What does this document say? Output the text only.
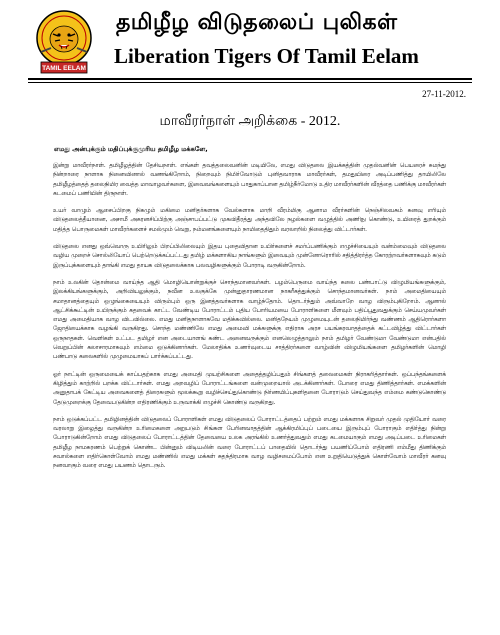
TAMIL EELAM
தமிழீழ விடுதலைப் புலிகள்
Liberation Tigers Of Tamil Eelam
27-11-2012.
மாவீரர்நாள் அறிக்கை - 2012.
எமது அன்புக்கும் மதிப்புக்குமுரிய தமிழீழ மக்களே,

இன்று மாவீரர்நாள். தமிழீழத்தின் தேசியநாள். எங்கள் தவத்தலைவனின் மடியிலே, எமது விடுதலை இயக்கத்தின் முதல்வனின் பெயரைச் சுமந்து நின்றாரை நாளாக நினைவினால் வணங்கிறோம், நிறைவும் நிமிர்வோடும் புனிதவாராக மாவீரர்கள், தமதுயிரை அடிப்பணித்து தாயிலிலே தமிழீழத்தைத் தலைநிமிர வைத்த மாவாழவர்களை, இவைவங்களையும் பாதுகாப்பான தமிழ்நீர்மோடு உதிர மாவீரர்களின் வீரத்தை பணிக்கு மாவீரர்கள் கடமைப் பணியின் திருநாள்.

உயர் வாழும் ஆசைப்பிறகு நிகழும் மகிமை மனிதர்களாக வேல்களாக மாறி வீரம்மிகு ஆனாம வீரர்களின் நெஞ்சிலவசும் கனவு எரியும் விடுதலைத்தீயானை, அசாமீ அகரனசிப்பிற்கு அஞ்சாபப்பட்டு முகவிதீரத்து அந்தவிலே நழல்களை வழுத்தில் அணிநு கொண்டு, உயிரைத் துறக்கும் மதித்த பொருமைகள் மாவீரர்களைச் சமல்மும் வெறு, நம்மனங்களையும் நாமிதைதிதும் வரலாறில் நிலைத்து விட்டார்கள்.

விடுதலை எனது ஒவ்வொரு உயிரிலும் பிறப்பிலிலையும் இதய புதைவிதான உயிர்களைச் சமர்ப்பணிக்கும் எழுச்சியையும் வன்ம்மைவும் விடுதலை வழிய முறைச் சொல்லியோப் பெற்றெடுக்கப்பட்டது தமிழ் மக்களாகிய நாங்களும் இவையும் முன்னோரொரில் சதித்திரர்த்த கோரற்றவர்களாகவும் கடும் இருப்புக்களையும் தாங்கி எமது தாயக விடுதலைக்காக பலவழிகளுக்கும் போராடி வருகின்றோம்.

நாம் உலகின் தொன்மை வாய்ந்த ஆதி மொழியொன்றுக்குச் சொந்தமானவர்கள். பழம்பெருமை வாய்ந்த கலை பண்பாட்டு விழுமியங்களுக்கும், இலக்கியங்களுக்கும், அறிவியலுக்கும், நவீன உலகுக்கே முன்னுதாரணமான நாகரீகத்துக்கும் சொந்தமானவர்கள். நாம் அமைதியையும் சமாதானத்தையும் ஒழுங்கையையும் விரும்பும் ஒரு இனத்தவர்களாக வாழ்ந்தோம். தொடர்ந்தும் அவ்வாறே வாழ விரும்புகிறோம். ஆனால் ஆட்சிக்கூட்டின் உயிருக்கும் கதவைக் காட்ட வேண்டிய போராட்டம் புதிய போரியமயை போராளிகளை மீளவும் பதிப்பூதுவதுக்கும் செய்யமுவர்கள் எமது அமைதியாக வாழ விடவில்லை. எமது மனிதநாளாகவே மதிக்கவில்லை. மனிதநேயம் முழுமையுடன் தலைநிமிர்ந்து வண்ணம் ஆதிரொர்களா ஜோதியைக்காக வழங்கி வருகிறது. சொந்த மண்ணிலே எமது அமைவி மக்களுக்கு எதிராக அரச பயங்கரவாதத்தைக் கட்டவிழ்த்து விட்டார்கள் ஒருநாதகள். வெளிகள் உட்பட தமிழர் என அடையாளங் கண்ட அனைவருக்கும் எனலெழுத்தாலும் நாம் தமிழர் வேண்டுமா வேண்டுமா என்பதில் வெறுப்பின் கலாசாரமாகவும் எம்மை ஒடுக்கினார்கள். மேலாதிக்க உணர்வுடைய சாத்திரர்களை வாழ்வின் விழுமியங்களை தமிழர்களின் மொழி பண்பாடு கலைகளில் முழுமையாகப் பார்க்கப்பட்டது.

ஓர் நாட்டின் ஒருமையைக் காப்பதற்காக எமது அமைதி முயற்சிகளை அதைத்தழிப்பதும் சிங்களத் தலைமைகள் நிராகரித்தார்கள். ஒப்பந்தங்களைக் கிழித்தும் காற்றில் பறக்க விட்டார்கள். எமது அறவழிப் போராட்டங்களை வன்முறையால் அடக்கினார்கள். போரை எமது திணித்தார்கள். எமக்களின் அனுதாபக் கேட்டிய அவைகளைத் திரைகளும் மூலக்கூறு வழிச்செய்துகொண்டு நிர்ணயிப்புகளிதனை போராடும் செய்துவந்த எம்மை கண்டுகொண்டு தேடுமுறைக்கு தேவைபடுகின்ற எதிரணிக்கும் உருவாக்கி எழுச்சி கொண்டு வருகிறது.

நாம் ஒடுக்கப்பட்ட தமிழினத்தின் விடுதலைப் போராளிகள் எமது விடுதலைப் போராட்டத்தைப் பற்றும் எமது மக்களாக சிறுவர் முதல் முதியோர் வரை வரலாறு இழைத்து வருகின்ற உரிமைகளை அறுபடும் சிங்கள பேரினவாதத்தின் ஆக்கிரமிப்புப் படையை இரும்புப் போராகும் எதிர்த்து நின்று போராடுகின்றோம் எமது விடுதலைப் போராட்டத்தின் தேவையை உலக அரங்கில் உணர்த்துவதும் எமது கடமையாகும் எமது அடிப்படை உரிமைகள் தமிழீழ நாமகரணம் பெற்றுக் கொண்ட பின்னும் விடியலின் வரை போராட்டப் பாதையில் தொடர்ந்து பயணிப்போம் எதிரணி எம்மீது திணிக்கும் சவால்களை எதிர்கொள்வோம் எமது மண்ணில் எமது மக்கள் சுதந்திரமாக வாழ வழிசமைப்போம் என உறுதியெடுத்துக் கொள்வோம் மாவீரர் கனவு நனவாகும் வரை எமது பயணம் தொடரும்.
